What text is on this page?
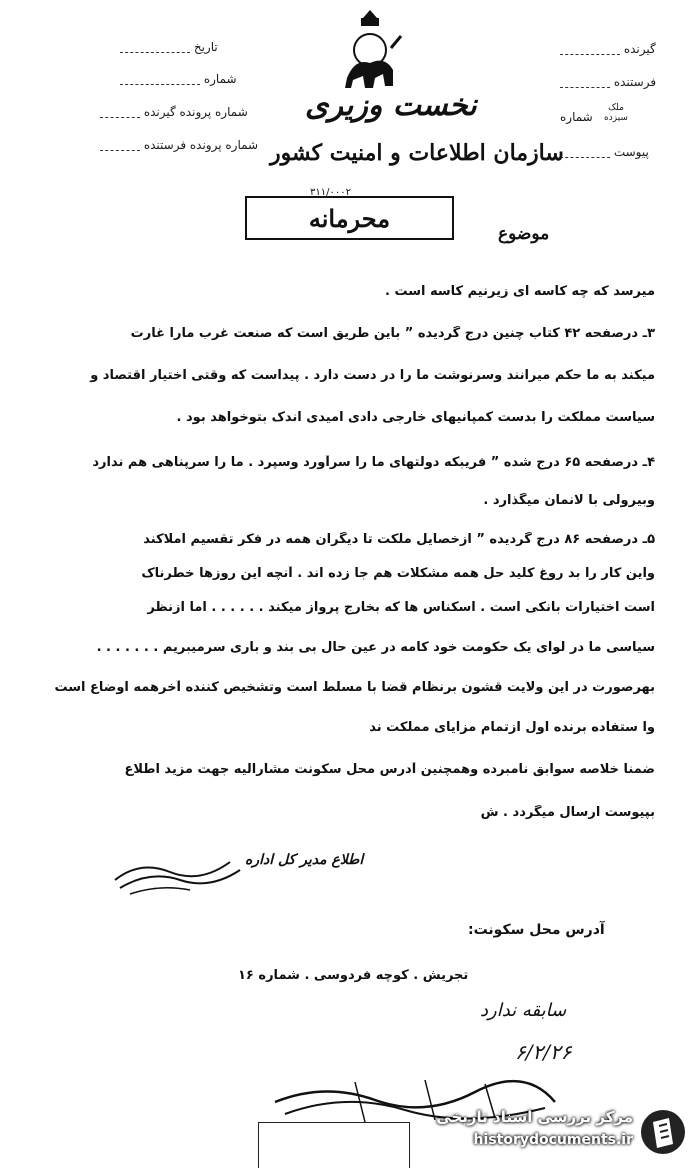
تاریخ
شماره
شماره پرونده گیرنده
شماره پرونده فرستنده
گیرنده
فرستنده
شماره
ملک سیزده
پیوست
نخست وزیری
سازمان اطلاعات و امنیت کشور
۳۱۱/۰۰۰۲
محرمانه
موضوع
میرسد که چه کاسه ای زیرنیم کاسه است .
۳ـ درصفحه ۴۲ کتاب چنین درج گردیده ” باین طریق است که صنعت غرب مارا غارت
میکند به ما حکم میرانند وسرنوشت ما را در دست دارد . پیداست که وقتی اختیار اقتصاد و
سیاست مملکت را بدست کمپانیهای خارجی دادی امیدی اندک بتوخواهد بود .
۴ـ درصفحه ۶۵ درج شده ” فریبکه دولتهای ما را سرآورد وسپرد . ما را سرپناهی هم ندارد
وبیرولی با لانمان میگذارد .
۵ـ درصفحه ۸۶ درج گردیده ” ازخصایل ملکت تا دیگران همه در فکر تقسیم املاکند
واین کار را بد روغ کلید حل همه مشکلات هم جا زده اند . آنچه این روزها خطرناک
است اختیارات بانکی است . اسکناس ها که بخارج پرواز میکند . . . . . . اما ازنظر
سیاسی ما در لوای یک حکومت خود کامه در عین حال بی بند و باری سرمیبریم . . . . . . .
بهرصورت در این ولایت قشون برنظام قضا با مسلط است وتشخیص کننده آخرهمه اوضاع است
وا ستفاده برنده اول ازتمام مزایای مملکت ند
ضمنا خلاصه سوابق نامبرده وهمچنین آدرس محل سکونت مشارالیه جهت مزید اطلاع
بپیوست ارسال میگردد . ش
اطلاع مدیر کل اداره
آدرس محل سکونت:
تجریش . کوچه فردوسی . شماره ۱۶
سابقه ندارد
۶/۲/۲۶
مرکز بررسی اسناد تاریخی
historydocuments.ir
